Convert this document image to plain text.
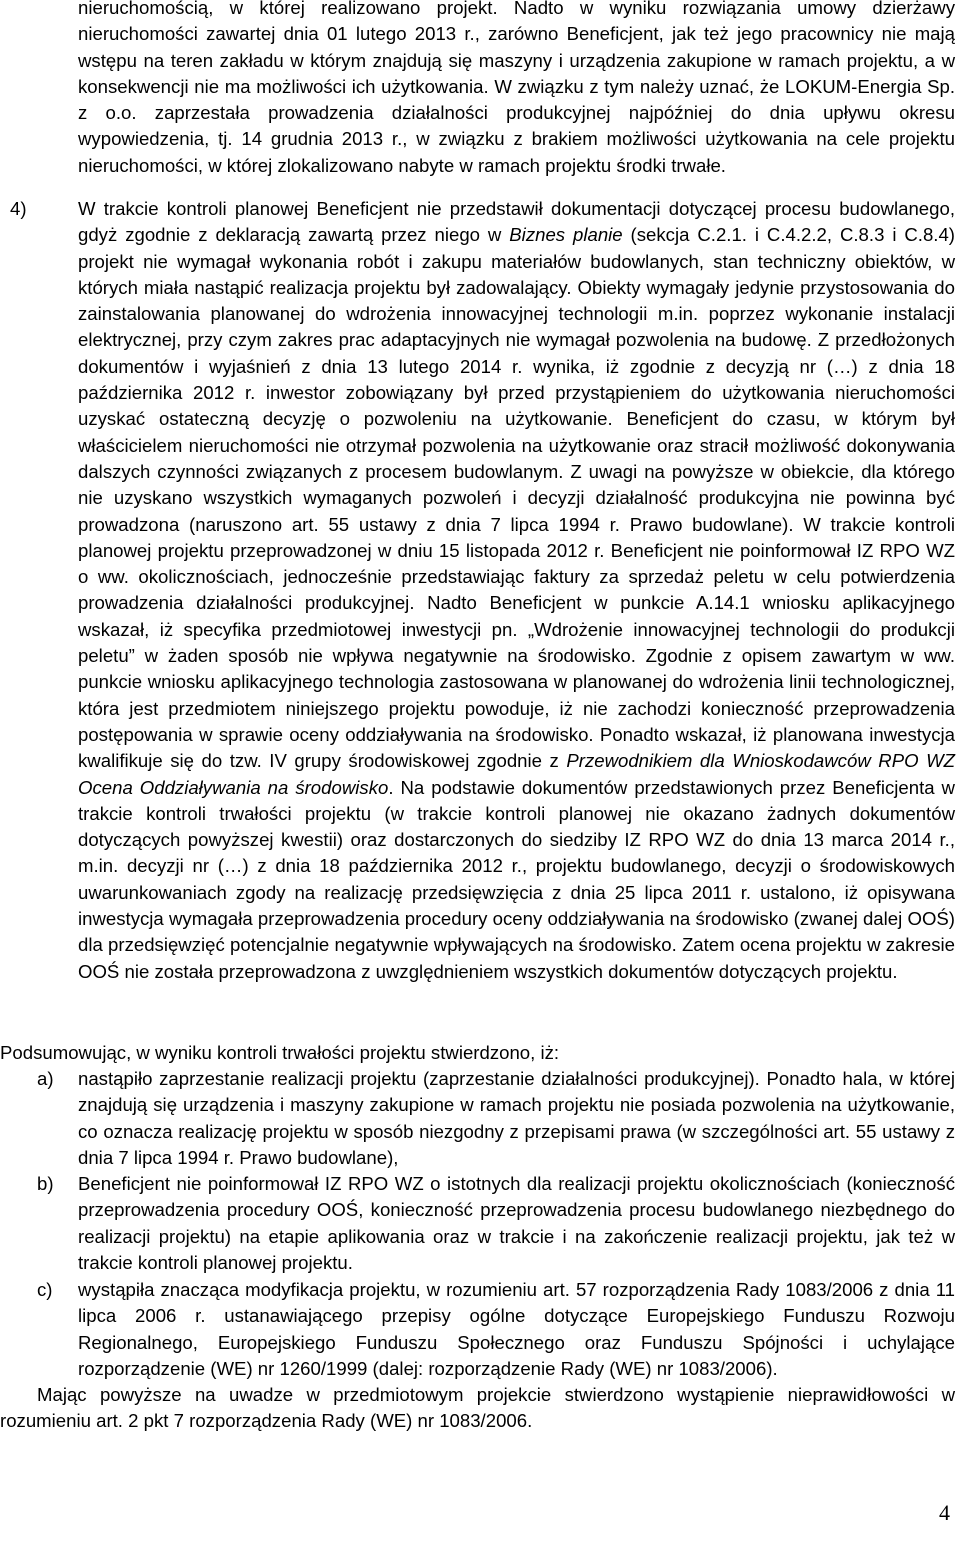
nieruchomością, w której realizowano projekt. Nadto w wyniku rozwiązania umowy dzierżawy nieruchomości zawartej dnia 01 lutego 2013 r., zarówno Beneficjent, jak też jego pracownicy nie mają wstępu na teren zakładu w którym znajdują się maszyny i urządzenia zakupione w ramach projektu, a w konsekwencji nie ma możliwości ich użytkowania. W związku z tym należy uznać, że LOKUM-Energia Sp. z o.o. zaprzestała prowadzenia działalności produkcyjnej najpóźniej do dnia upływu okresu wypowiedzenia, tj. 14 grudnia 2013 r., w związku z brakiem możliwości użytkowania na cele projektu nieruchomości, w której zlokalizowano nabyte w ramach projektu środki trwałe.
4)	W trakcie kontroli planowej Beneficjent nie przedstawił dokumentacji dotyczącej procesu budowlanego, gdyż zgodnie z deklaracją zawartą przez niego w Biznes planie (sekcja C.2.1. i C.4.2.2, C.8.3 i C.8.4) projekt nie wymagał wykonania robót i zakupu materiałów budowlanych, stan techniczny obiektów, w których miała nastąpić realizacja projektu był zadowalający. Obiekty wymagały jedynie przystosowania do zainstalowania planowanej do wdrożenia innowacyjnej technologii m.in. poprzez wykonanie instalacji elektrycznej, przy czym zakres prac adaptacyjnych nie wymagał pozwolenia na budowę. Z przedłożonych dokumentów i wyjaśnień z dnia 13 lutego 2014 r. wynika, iż zgodnie z decyzją nr (…) z dnia 18 października 2012 r. inwestor zobowiązany był przed przystąpieniem do użytkowania nieruchomości uzyskać ostateczną decyzję o pozwoleniu na użytkowanie. Beneficjent do czasu, w którym był właścicielem nieruchomości nie otrzymał pozwolenia na użytkowanie oraz stracił możliwość dokonywania dalszych czynności związanych z procesem budowlanym. Z uwagi na powyższe w obiekcie, dla którego nie uzyskano wszystkich wymaganych pozwoleń i decyzji działalność produkcyjna nie powinna być prowadzona (naruszono art. 55 ustawy z dnia 7 lipca 1994 r. Prawo budowlane). W trakcie kontroli planowej projektu przeprowadzonej w dniu 15 listopada 2012 r. Beneficjent nie poinformował IZ RPO WZ o ww. okolicznościach, jednocześnie przedstawiając faktury za sprzedaż peletu w celu potwierdzenia prowadzenia działalności produkcyjnej. Nadto Beneficjent w punkcie A.14.1 wniosku aplikacyjnego wskazał, iż specyfika przedmiotowej inwestycji pn. „Wdrożenie innowacyjnej technologii do produkcji peletu” w żaden sposób nie wpływa negatywnie na środowisko. Zgodnie z opisem zawartym w ww. punkcie wniosku aplikacyjnego technologia zastosowana w planowanej do wdrożenia linii technologicznej, która jest przedmiotem niniejszego projektu powoduje, iż nie zachodzi konieczność przeprowadzenia postępowania w sprawie oceny oddziaływania na środowisko. Ponadto wskazał, iż planowana inwestycja kwalifikuje się do tzw. IV grupy środowiskowej zgodnie z Przewodnikiem dla Wnioskodawców RPO WZ Ocena Oddziaływania na środowisko. Na podstawie dokumentów przedstawionych przez Beneficjenta w trakcie kontroli trwałości projektu (w trakcie kontroli planowej nie okazano żadnych dokumentów dotyczących powyższej kwestii) oraz dostarczonych do siedziby IZ RPO WZ do dnia 13 marca 2014 r., m.in. decyzji nr (…) z dnia 18 października 2012 r., projektu budowlanego, decyzji o środowiskowych uwarunkowaniach zgody na realizację przedsięwzięcia z dnia 25 lipca 2011 r. ustalono, iż opisywana inwestycja wymagała przeprowadzenia procedury oceny oddziaływania na środowisko (zwanej dalej OOŚ) dla przedsięwzięć potencjalnie negatywnie wpływających na środowisko. Zatem ocena projektu w zakresie OOŚ nie została przeprowadzona z uwzględnieniem wszystkich dokumentów dotyczących projektu.
Podsumowując, w wyniku kontroli trwałości projektu stwierdzono, iż:
a)	nastąpiło zaprzestanie realizacji projektu (zaprzestanie działalności produkcyjnej). Ponadto hala, w której znajdują się urządzenia i maszyny zakupione w ramach projektu nie posiada pozwolenia na użytkowanie, co oznacza realizację projektu w sposób niezgodny z przepisami prawa (w szczególności art. 55 ustawy z dnia 7 lipca 1994 r. Prawo budowlane),
b)	Beneficjent nie poinformował IZ RPO WZ o istotnych dla realizacji projektu okolicznościach (konieczność przeprowadzenia procedury OOŚ, konieczność przeprowadzenia procesu budowlanego niezbędnego do realizacji projektu) na etapie aplikowania oraz w trakcie i na zakończenie realizacji projektu, jak też w trakcie kontroli planowej projektu.
c)	wystąpiła znacząca modyfikacja projektu, w rozumieniu art. 57 rozporządzenia Rady 1083/2006 z dnia 11 lipca 2006 r. ustanawiającego przepisy ogólne dotyczące Europejskiego Funduszu Rozwoju Regionalnego, Europejskiego Funduszu Społecznego oraz Funduszu Spójności i uchylające rozporządzenie (WE) nr 1260/1999 (dalej: rozporządzenie Rady (WE) nr 1083/2006).
Mając powyższe na uwadze w przedmiotowym projekcie stwierdzono wystąpienie nieprawidłowości w rozumieniu art. 2 pkt 7 rozporządzenia Rady (WE) nr 1083/2006.
4
